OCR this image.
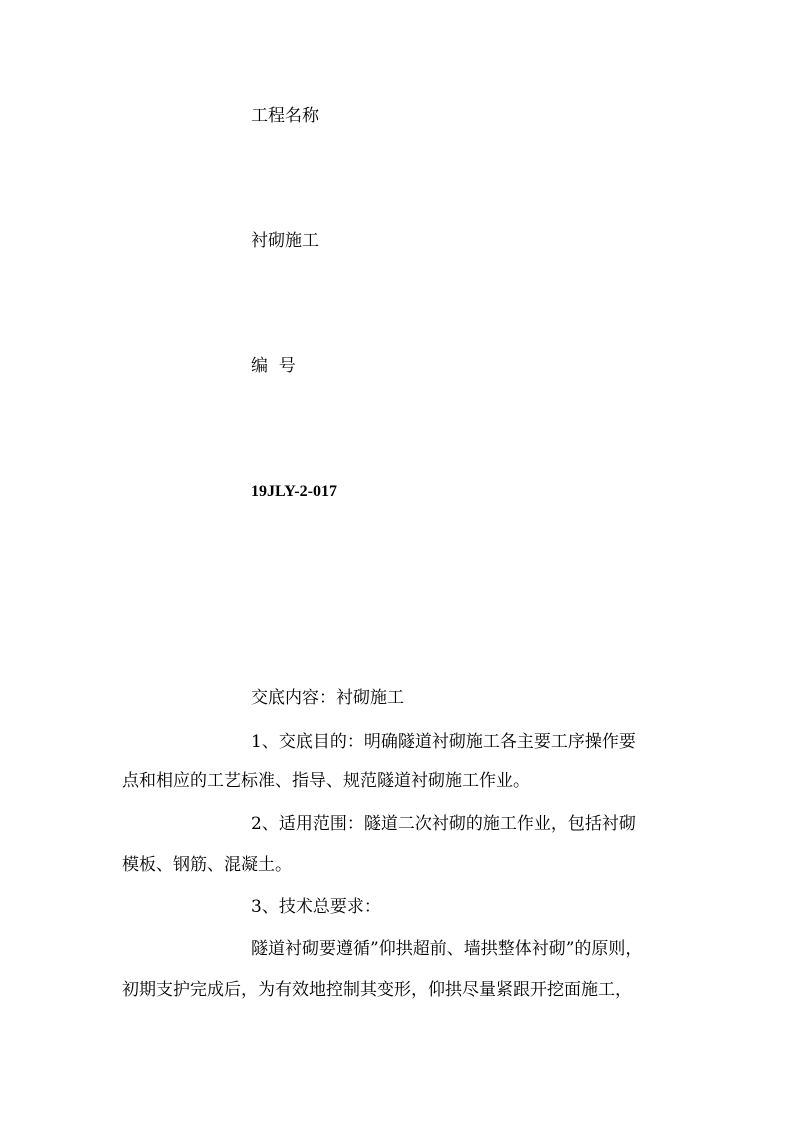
工程名称
衬砌施工
编  号
19JLY-2-017
交底内容：衬砌施工
1、交底目的：明确隧道衬砌施工各主要工序操作要
点和相应的工艺标准、指导、规范隧道衬砌施工作业。
2、适用范围：隧道二次衬砌的施工作业，包括衬砌
模板、钢筋、混凝土。
3、技术总要求：
隧道衬砌要遵循”仰拱超前、墙拱整体衬砌”的原则，
初期支护完成后，为有效地控制其变形，仰拱尽量紧跟开挖面施工，
